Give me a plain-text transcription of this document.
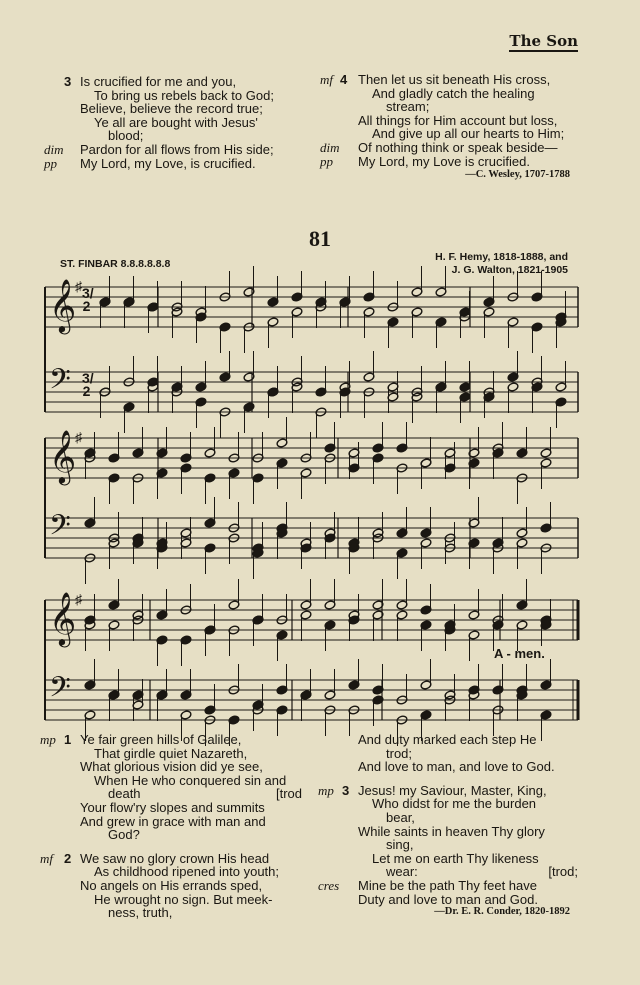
The Son
3 Is crucified for me and you,
To bring us rebels back to God;
Believe, believe the record true;
Ye all are bought with Jesus'
blood;
dim Pardon for all flows from His side;
pp My Lord, my Love, is crucified.
mf 4 Then let us sit beneath His cross,
And gladly catch the healing
stream;
All things for Him account but loss,
And give up all our hearts to Him;
dim Of nothing think or speak beside—
pp My Lord, my Love is crucified.
—C. Wesley, 1707-1788
81
ST. FINBAR 8.8.8.8.8.8
H. F. Hemy, 1818-1888, and
J. G. Walton, 1821-1905
𝄞
♯
𝄢
𝄞
♯
𝄢
𝄞
♯
𝄢
3/2
3/2
A - men.
mp 1 Ye fair green hills of Galilee,
That girdle quiet Nazareth,
What glorious vision did ye see,
When He who conquered sin and
death	[trod
Your flow'ry slopes and summits
And grew in grace with man and
God?
mf 2 We saw no glory crown His head
As childhood ripened into youth;
No angels on His errands sped,
He wrought no sign. But meek-
ness, truth,
And duty marked each step He
trod;
And love to man, and love to God.
mp 3 Jesus! my Saviour, Master, King,
Who didst for me the burden
bear,
While saints in heaven Thy glory
sing,
Let me on earth Thy likeness
wear:	[trod;
cres Mine be the path Thy feet have
Duty and love to man and God.
—Dr. E. R. Conder, 1820-1892
